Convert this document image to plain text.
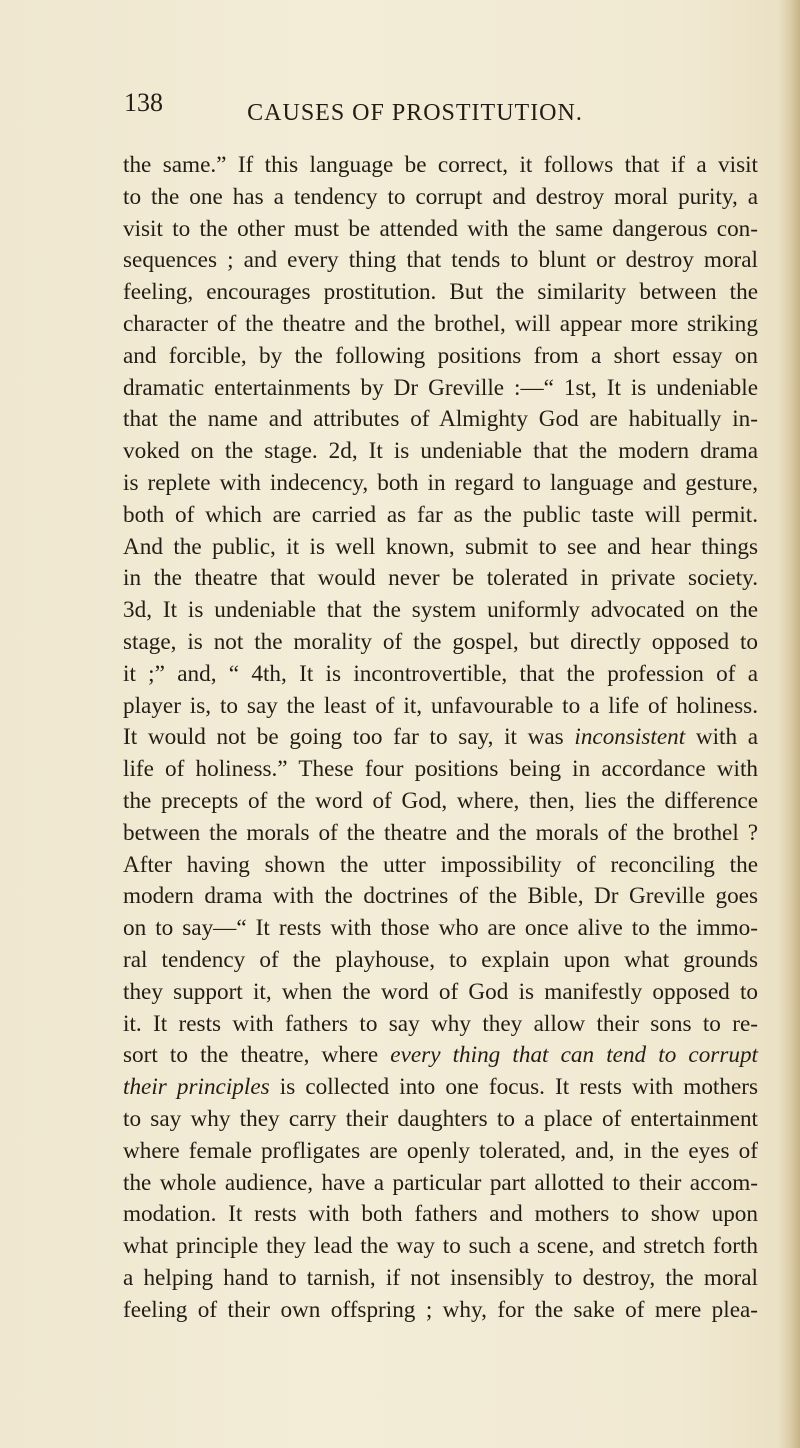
138	CAUSES OF PROSTITUTION.
the same.” If this language be correct, it follows that if a visit
to the one has a tendency to corrupt and destroy moral purity, a
visit to the other must be attended with the same dangerous con-
sequences ; and every thing that tends to blunt or destroy moral
feeling, encourages prostitution. But the similarity between the
character of the theatre and the brothel, will appear more striking
and forcible, by the following positions from a short essay on
dramatic entertainments by Dr Greville :—“ 1st, It is undeniable
that the name and attributes of Almighty God are habitually in-
voked on the stage. 2d, It is undeniable that the modern drama
is replete with indecency, both in regard to language and gesture,
both of which are carried as far as the public taste will permit.
And the public, it is well known, submit to see and hear things
in the theatre that would never be tolerated in private society.
3d, It is undeniable that the system uniformly advocated on the
stage, is not the morality of the gospel, but directly opposed to
it ;” and, “ 4th, It is incontrovertible, that the profession of a
player is, to say the least of it, unfavourable to a life of holiness.
It would not be going too far to say, it was inconsistent with a
life of holiness.” These four positions being in accordance with
the precepts of the word of God, where, then, lies the difference
between the morals of the theatre and the morals of the brothel ?
After having shown the utter impossibility of reconciling the
modern drama with the doctrines of the Bible, Dr Greville goes
on to say—“ It rests with those who are once alive to the immo-
ral tendency of the playhouse, to explain upon what grounds
they support it, when the word of God is manifestly opposed to
it. It rests with fathers to say why they allow their sons to re-
sort to the theatre, where every thing that can tend to corrupt
their principles is collected into one focus. It rests with mothers
to say why they carry their daughters to a place of entertainment
where female profligates are openly tolerated, and, in the eyes of
the whole audience, have a particular part allotted to their accom-
modation. It rests with both fathers and mothers to show upon
what principle they lead the way to such a scene, and stretch forth
a helping hand to tarnish, if not insensibly to destroy, the moral
feeling of their own offspring ; why, for the sake of mere plea-
